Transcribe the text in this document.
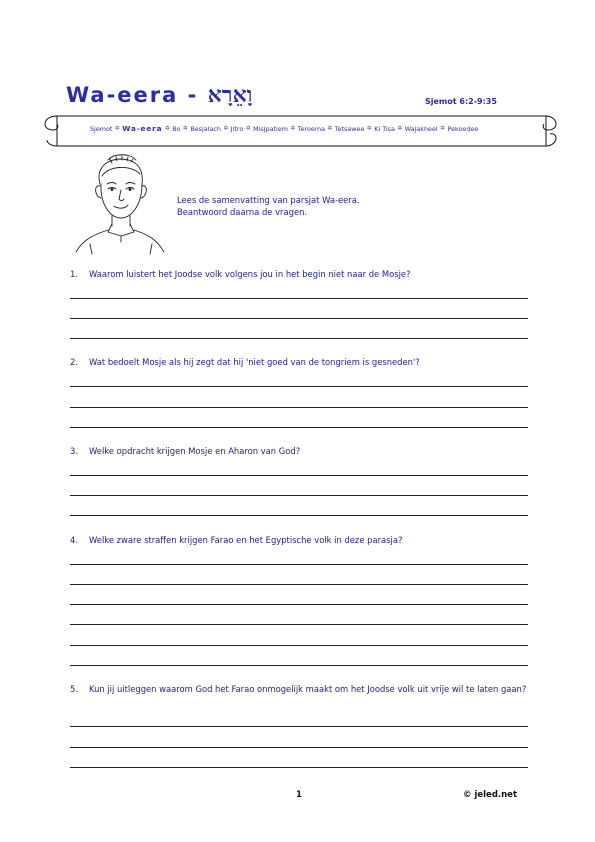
Wa-eera - וָאֵרָא	Sjemot 6:2-9:35
Sjemot ✡ Wa-eera ✡ Bo ✡ Besjalach ✡ Jitro ✡ Misjpatiem ✡ Teroema ✡ Tetsawee ✡ Ki Tisa ✡ Wajakheel ✡ Pekoedee
Lees de samenvatting van parsjat Wa-eera.
Beantwoord daarna de vragen.
1.	Waarom luistert het Joodse volk volgens jou in het begin niet naar de Mosje?
2.	Wat bedoelt Mosje als hij zegt dat hij 'niet goed van de tongriem is gesneden'?
3.	Welke opdracht krijgen Mosje en Aharon van God?
4.	Welke zware straffen krijgen Farao en het Egyptische volk in deze parasja?
5.	Kun jij uitleggen waarom God het Farao onmogelijk maakt om het Joodse volk uit vrije wil te laten gaan?
1	© jeled.net
